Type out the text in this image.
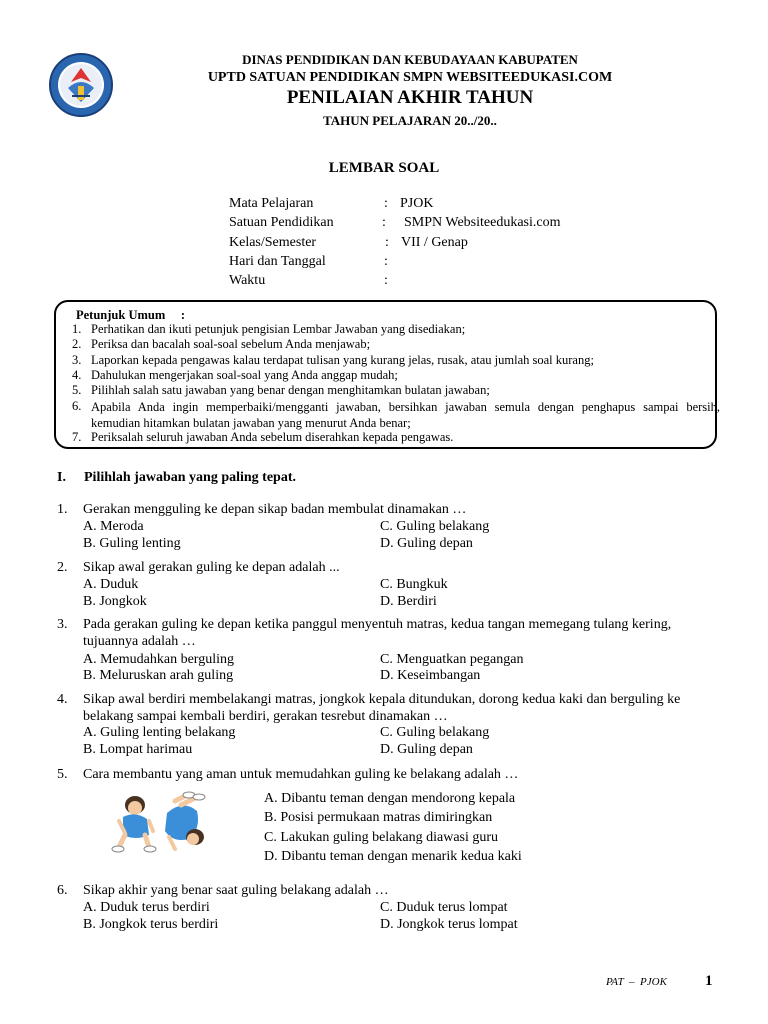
DINAS PENDIDIKAN DAN KEBUDAYAAN KABUPATEN
UPTD SATUAN PENDIDIKAN SMPN WEBSITEEDUKASI.COM
PENILAIAN AKHIR TAHUN
TAHUN PELAJARAN 20../20..
LEMBAR SOAL
Mata Pelajaran	: PJOK
Satuan Pendidikan	: SMPN Websiteedukasi.com
Kelas/Semester	: VII / Genap
Hari dan Tanggal	:
Waktu	:
Petunjuk Umum     :
1. Perhatikan dan ikuti petunjuk pengisian Lembar Jawaban yang disediakan;
2. Periksa dan bacalah soal-soal sebelum Anda menjawab;
3. Laporkan kepada pengawas kalau terdapat tulisan yang kurang jelas, rusak, atau jumlah soal kurang;
4. Dahulukan mengerjakan soal-soal yang Anda anggap mudah;
5. Pilihlah salah satu jawaban yang benar dengan menghitamkan bulatan jawaban;
6. Apabila Anda ingin memperbaiki/mengganti jawaban, bersihkan jawaban semula dengan penghapus sampai bersih, kemudian hitamkan bulatan jawaban yang menurut Anda benar;
7. Periksalah seluruh jawaban Anda sebelum diserahkan kepada pengawas.
I. Pilihlah jawaban yang paling tepat.
1. Gerakan mengguling ke depan sikap badan membulat dinamakan …
A. Meroda
B. Guling lenting
C. Guling belakang
D. Guling depan
2. Sikap awal gerakan guling ke depan adalah ...
A. Duduk
B. Jongkok
C. Bungkuk
D. Berdiri
3. Pada gerakan guling ke depan ketika panggul menyentuh matras, kedua tangan memegang tulang kering, tujuannya adalah …
A. Memudahkan berguling
B. Meluruskan arah guling
C. Menguatkan pegangan
D. Keseimbangan
4. Sikap awal berdiri membelakangi matras, jongkok kepala ditundukan, dorong kedua kaki dan berguling ke belakang sampai kembali berdiri, gerakan tesrebut dinamakan …
A. Guling lenting belakang
B. Lompat harimau
C. Guling belakang
D. Guling depan
5. Cara membantu yang aman untuk memudahkan guling ke belakang adalah …
A. Dibantu teman dengan mendorong kepala
B. Posisi permukaan matras dimiringkan
C. Lakukan guling belakang diawasi guru
D. Dibantu teman dengan menarik kedua kaki
6. Sikap akhir yang benar saat guling belakang adalah …
A. Duduk terus berdiri
B. Jongkok terus berdiri
C. Duduk terus lompat
D. Jongkok terus lompat
PAT  –  PJOK	1
